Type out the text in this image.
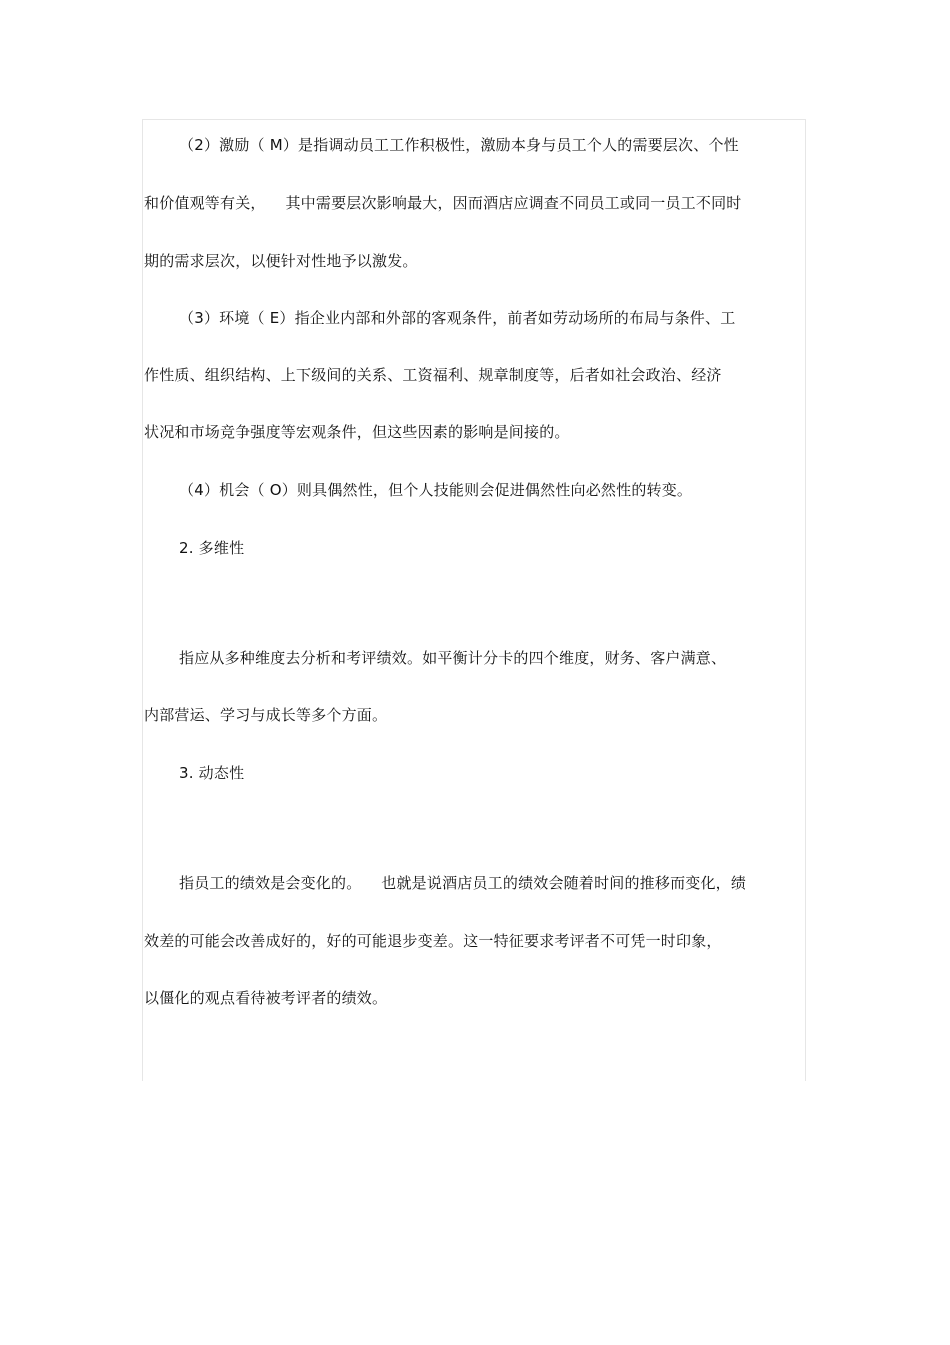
（2）激励（ M）是指调动员工工作积极性，激励本身与员工个人的需要层次、个性
和价值观等有关，    其中需要层次影响最大，因而酒店应调查不同员工或同一员工不同时
期的需求层次，以便针对性地予以激发。
（3）环境（ E）指企业内部和外部的客观条件，前者如劳动场所的布局与条件、工
作性质、组织结构、上下级间的关系、工资福利、规章制度等，后者如社会政治、经济
状况和市场竞争强度等宏观条件，但这些因素的影响是间接的。
（4）机会（ O）则具偶然性，但个人技能则会促进偶然性向必然性的转变。
2. 多维性
指应从多种维度去分析和考评绩效。如平衡计分卡的四个维度，财务、客户满意、
内部营运、学习与成长等多个方面。
3. 动态性
指员工的绩效是会变化的。    也就是说酒店员工的绩效会随着时间的推移而变化，绩
效差的可能会改善成好的，好的可能退步变差。这一特征要求考评者不可凭一时印象，
以僵化的观点看待被考评者的绩效。
